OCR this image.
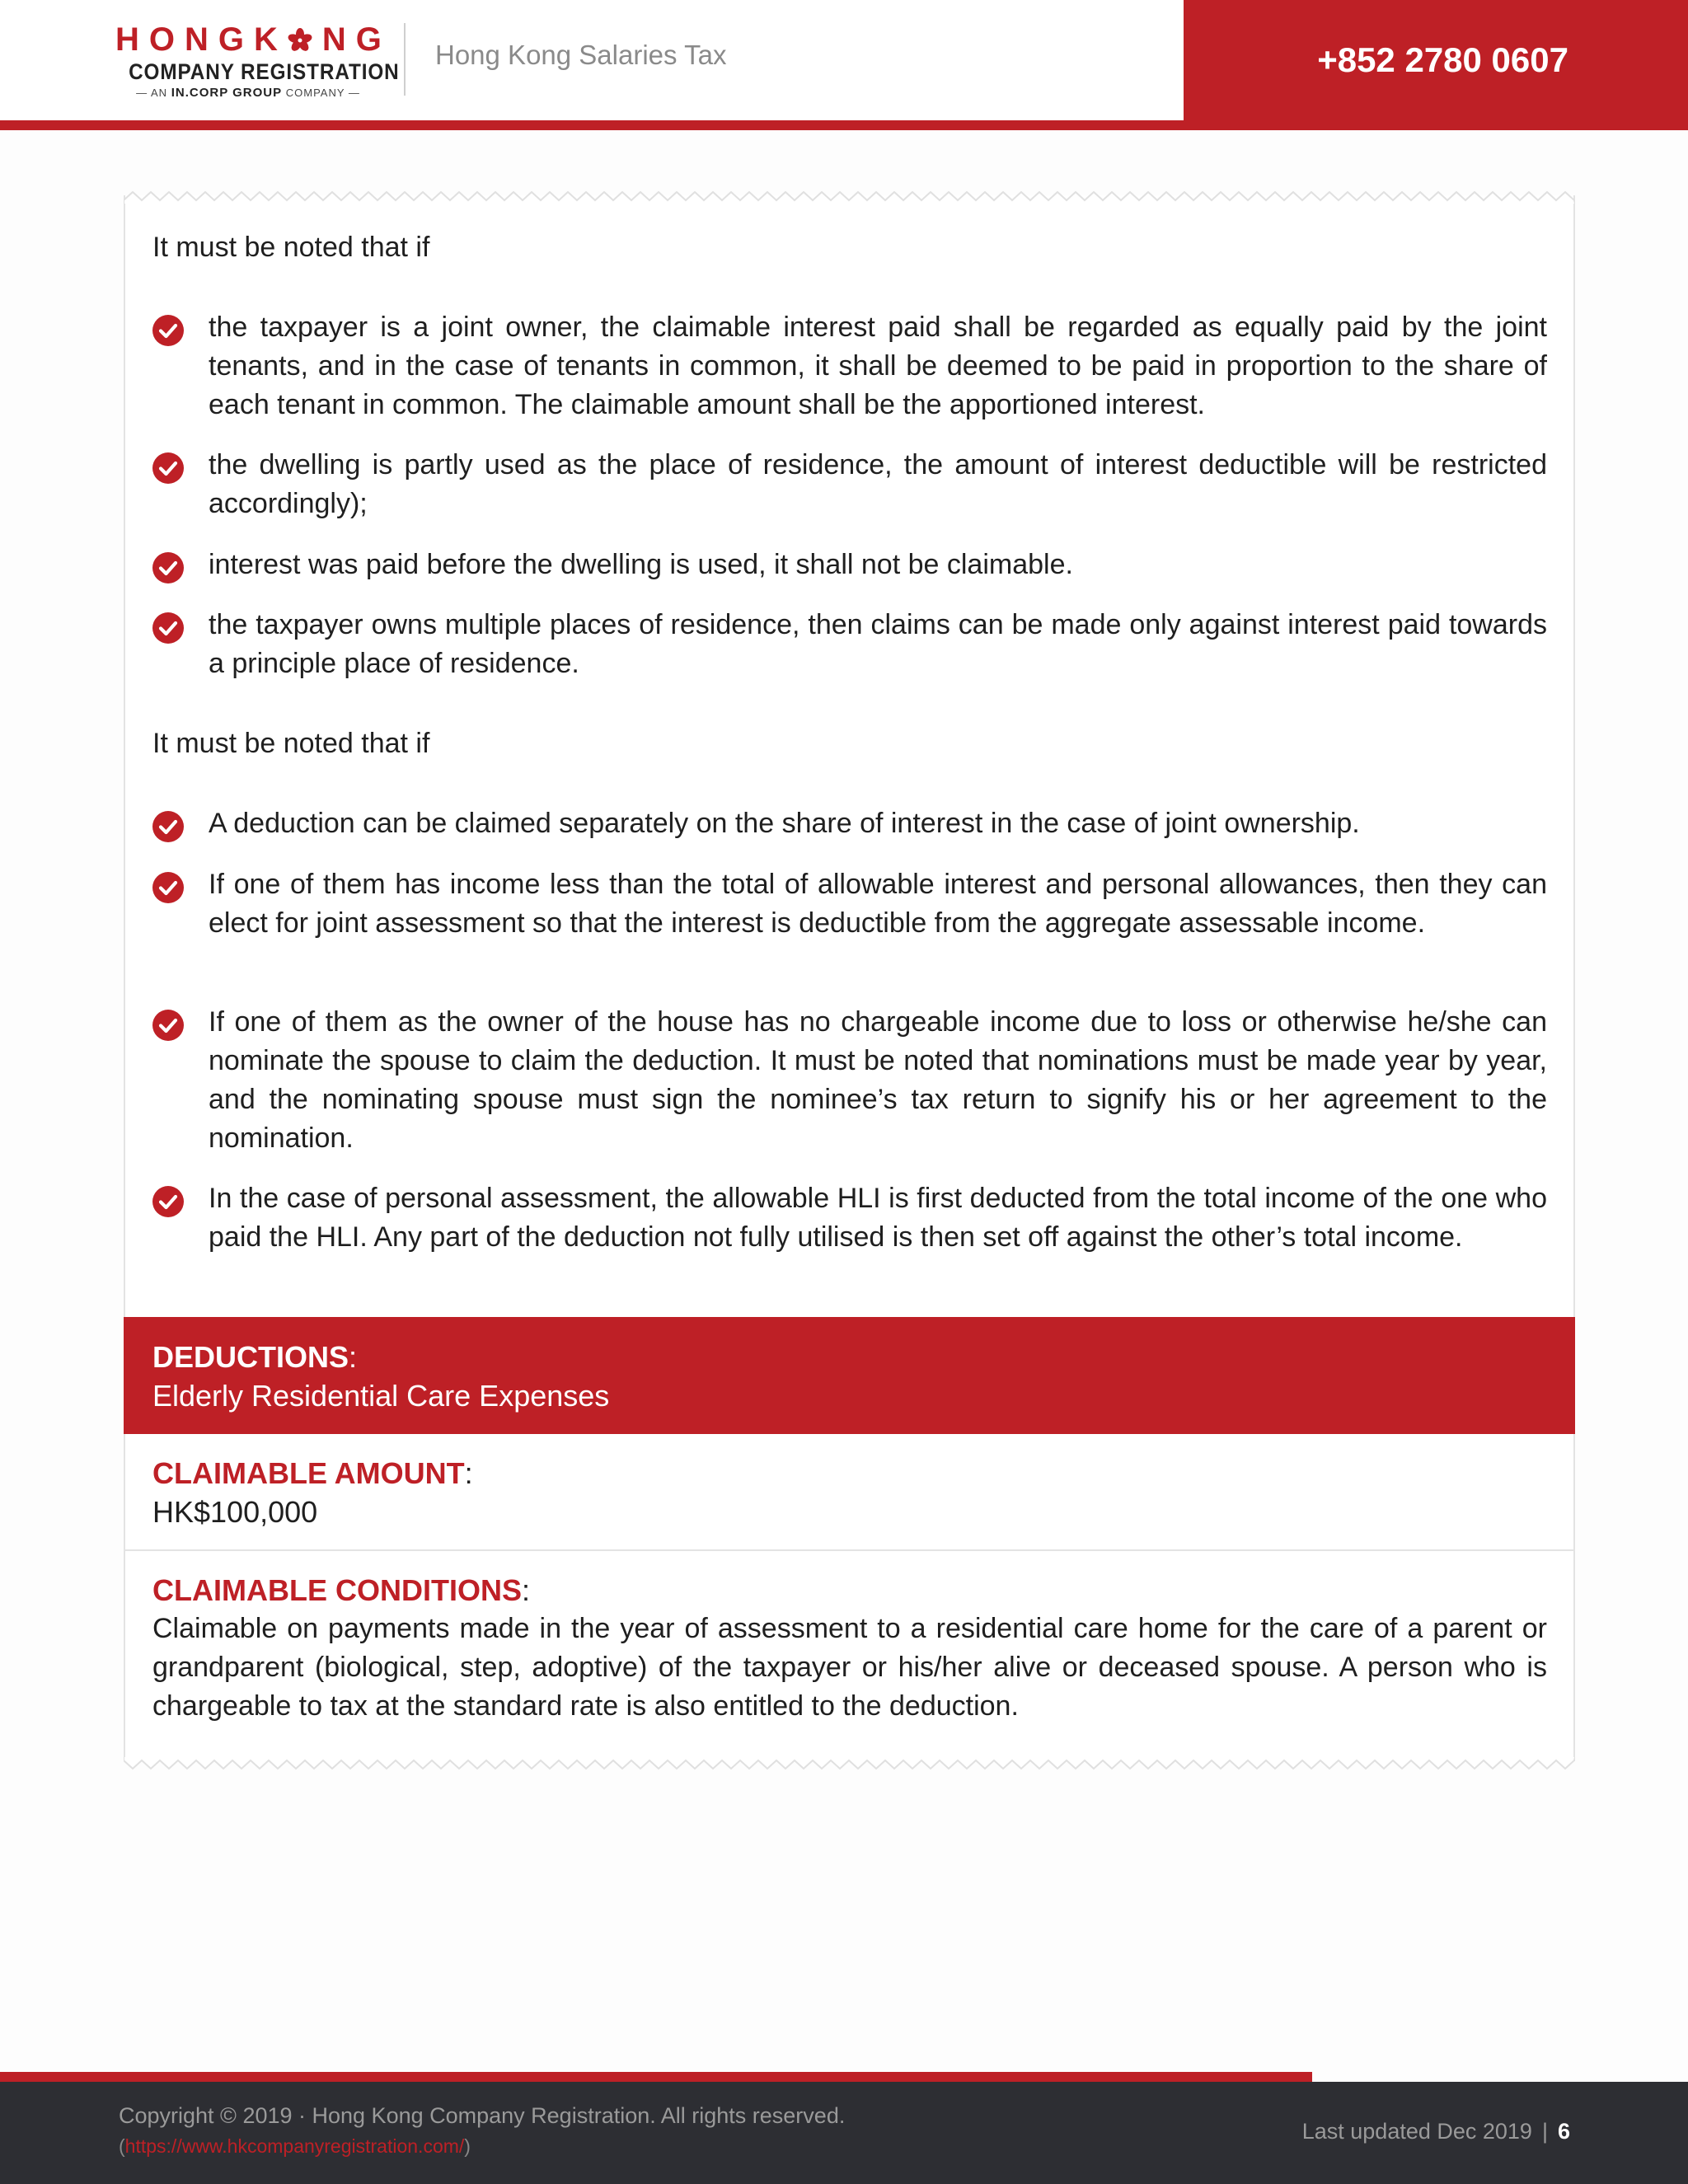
HONGK NG
COMPANY REGISTRATION
— AN IN.CORP GROUP COMPANY —
Hong Kong Salaries Tax	+852 2780 0607
It must be noted that if
the taxpayer is a joint owner, the claimable interest paid shall be regarded as equally paid by the joint tenants, and in the case of tenants in common, it shall be deemed to be paid in proportion to the share of each tenant in common. The claimable amount shall be the apportioned interest.
the dwelling is partly used as the place of residence, the amount of interest deductible will be restricted accordingly);
interest was paid before the dwelling is used, it shall not be claimable.
the taxpayer owns multiple places of residence, then claims can be made only against interest paid towards a principle place of residence.
It must be noted that if
A deduction can be claimed separately on the share of interest in the case of joint ownership.
If one of them has income less than the total of allowable interest and personal allowances, then they can elect for joint assessment so that the interest is deductible from the aggregate assessable income.
If one of them as the owner of the house has no chargeable income due to loss or otherwise he/she can nominate the spouse to claim the deduction. It must be noted that nominations must be made year by year, and the nominating spouse must sign the nominee’s tax return to signify his or her agreement to the nomination.
In the case of personal assessment, the allowable HLI is first deducted from the total income of the one who paid the HLI. Any part of the deduction not fully utilised is then set off against the other’s total income.
DEDUCTIONS:
Elderly Residential Care Expenses
CLAIMABLE AMOUNT:
HK$100,000
CLAIMABLE CONDITIONS:
Claimable on payments made in the year of assessment to a residential care home for the care of a parent or grandparent (biological, step, adoptive) of the taxpayer or his/her alive or deceased spouse. A person who is chargeable to tax at the standard rate is also entitled to the deduction.
Copyright © 2019 · Hong Kong Company Registration. All rights reserved.
(https://www.hkcompanyregistration.com/)
Last updated Dec 2019 | 6
